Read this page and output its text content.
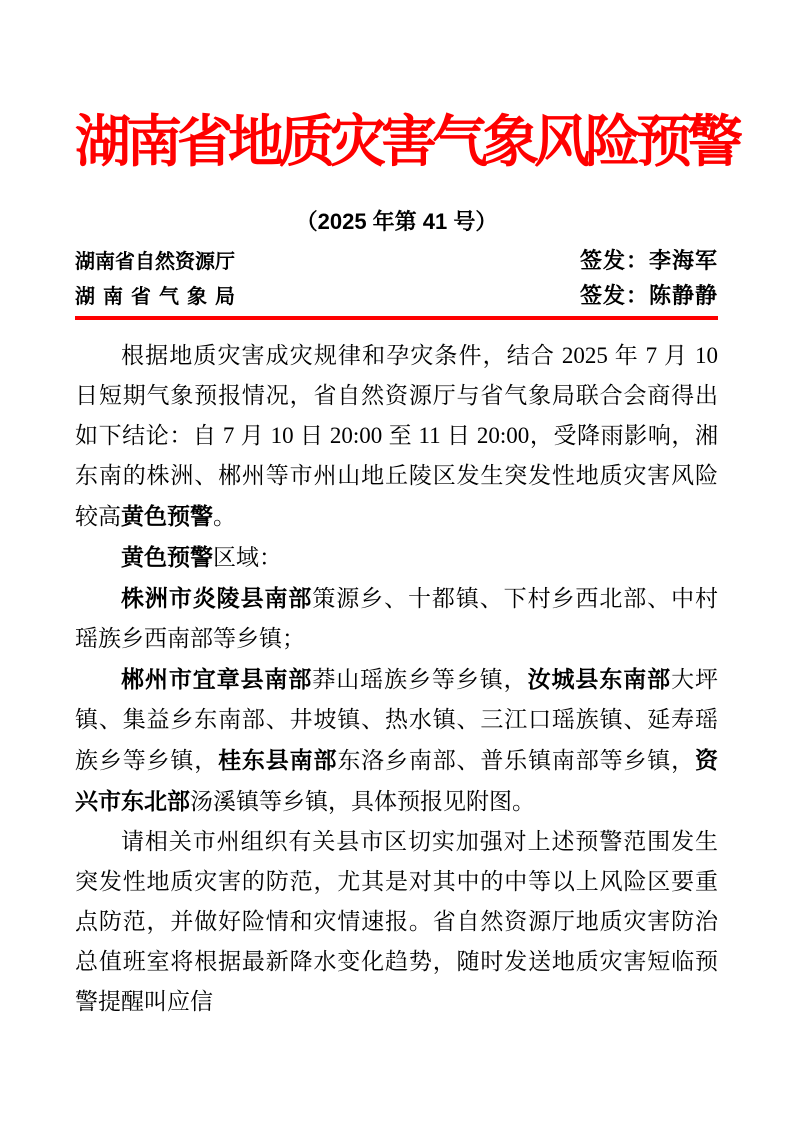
湖南省地质灾害气象风险预警
（2025 年第 41 号）
湖南省自然资源厅	签发：李海军
湖南省气象局	签发：陈静静

根据地质灾害成灾规律和孕灾条件，结合 2025 年 7 月 10 日短期气象预报情况，省自然资源厅与省气象局联合会商得出如下结论：自 7 月 10 日 20:00 至 11 日 20:00，受降雨影响，湘东南的株洲、郴州等市州山地丘陵区发生突发性地质灾害风险较高黄色预警。

黄色预警区域：

株洲市炎陵县南部策源乡、十都镇、下村乡西北部、中村瑶族乡西南部等乡镇；

郴州市宜章县南部莽山瑶族乡等乡镇，汝城县东南部大坪镇、集益乡东南部、井坡镇、热水镇、三江口瑶族镇、延寿瑶族乡等乡镇，桂东县南部东洛乡南部、普乐镇南部等乡镇，资兴市东北部汤溪镇等乡镇，具体预报见附图。

请相关市州组织有关县市区切实加强对上述预警范围发生突发性地质灾害的防范，尤其是对其中的中等以上风险区要重点防范，并做好险情和灾情速报。省自然资源厅地质灾害防治总值班室将根据最新降水变化趋势，随时发送地质灾害短临预警提醒叫应信
